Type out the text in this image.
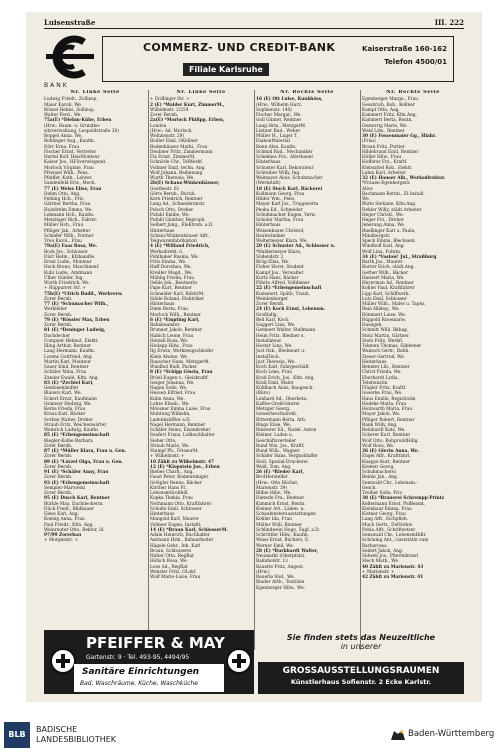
Luisenstraße	III. 222
BANK
COMMERZ- UND CREDIT-BANK
Filiale Karlsruhe
Kaiserstraße 160-162
Telefon 4500/01
Nr. Linke Seite
Ludwig Friedr., Zollinsp.
Maier Karoli, We.
Rössel Helms, Zollinsp.
Walter Ferd., We.
75a(E) *Diehm-Kühe, Erben
(Hrw.: Baum- u. Grundbe-
sitzverwaltung, Leopoldstraße 26)
Boppel Anna, We.
Bohlinger Aug., Kaufm.
Dörr Erna, Frau
Fischer Ernst, Vertreter
Hartel Rolf, HeizMonteur
Kaiser Jos., HFüverwiegend.
Morlock Virginie, Frau
Pfrenzel Wilh., Pens.
Pfeiffer, Kath., Lehrer.
Sandenfeld Erw., Mech.
77 (E) Weiss Elise, Frau
Dehm Otto, Ang.
Fehling Hch., Priv.
Gärtner Bertha, Frau
Holzdrehn Emma, We.
Lehmann Hch., Kaufm.
Metzinger Rich., Fahrer.
Müller Hch., Frau
Pflüger Jak., Arbeiter
Schiefer Wilh., Former
Treu Karol., Frau
79a(E) Faas Rosa, We.
Bock Jos., Schlosser
Dürr Helm., Kfzhandlw.
Ernst Ludw., Monteur
Hock Bruno, Maschinenf.
Kuhl Ludw., Amtmann
Ulber Günter, Ing.
Wurth Friedrich, We.
+ Rüppurrer Str. +
75b(E) *Ulrich Budil., Werkverw.
Zorer Bernh.
77 (E) *Schumacher Wilh.,
Werkleiter
Zorer Bernh.
79 (E) *Rössler Max, Erben
Zorer Bernh.
81 (E) *Deninger Ludwig,
Dachdecker
Compner Helmut, Elektr.
Illing Arthur, Rentner
Lang Hermann, Kaufm.
Lorenz Gottfried, Ang.
Martin Karl, Monteur
Sauer Emil, Rentner
Schäfer Mina, Frau
Zander Ewald, Kfm. Ang.
83 (E) *Zechiel Karl,
Gemüsehändler
Blauers Karl, We.
Eckert Ernst, Kaufmann
Gramser Hedwig, We.
Kerns Frieda, Frau
Kraus Karl, Bäcker
Sorben Walter, Dreher
Straub Fritz, Weichenwärter
Weinrich Ludwig, Kaufm.
85 (E) *Erbengemeinschaft
Biegler-Kolbe Barbara
Zorer Bernh.
87 (E) *Müller Klara, Frau u. Gen.
Zorer Bernh.
89 (E) *Lörzel Olga, Frau u. Gen.
Zorer Bernh.
91 (E) *Schäfer Anny, Frau
Zorer Bernh.
93 (E) *Erbengemeinschaft
Sempler-Marowski
Zorer Bernh.
95 (E) Dusch Karl, Rentner
Bürkle Max, Dachdeckerm.
Dück Fredr., Bildhauer
Gless Karl, Ang.
Koenig Anna, Frau
Paul Friedr., Kfm. Ang.
Weinreuter Otto, Rektor, ill.
97/99 Zorerbau
+ Morgenstr. +
Nr. Linke Seite
+ Erdlinger Str. +
2 (E) *Walder Kurt, ZimmerM.,
Wilhelmstr. 2/254
Zorer Bernh.
2a(E) *Morlock Philipp, Erben,
London
(Hrw.: Ad. Morlock,
Weltzienstr. 29)
Bodler Emil, OKellner
Rodenhäuser Mathi., Frau
Deubner Fritz, Zimmermann
Fix Ernst, ZimmerM.
Schnörle Chr., TelWerkf.
Vollmer Emil, techn. Ang.
Wolf Johann, Bedienung
Wurth Theresia, We.
2b(E) Schanz-Winkenhäuser,
Goethestr. 61
Görts Bernh., Buchh.
Kern Friedrich, Rentner
Lang Ad., Schneidermstr.
Polsch Otto, Dreher
Pufahl Emilie, We.
Pufahl Günther, Reproph.
Seibert Jung., EleKtrom. a.D.
Hinterhaus
Schanz-Winkenhäuser Alfr.,
Teigwarenfabrikation
4 (E) *Wilfand Friedrich,
Werksdirekt. ö.
Pohlhaber Rosina, We.
Fritz Emma, We.
Haff Dorothea, We.
Kreiller Magd., We.
Mühlig Frieda, Frau
Oehle Joh., Rentnerin
Pape Kurt, Rentner
Schneider Karl, RöbhrM.
Städe Roland, Elektriker
Hinterhaus
Diem Berta, Frau
Morlock Wilh., Rentner
6 (E) *Empting Karl,
Bahnbeamter
Brunner Jakob, Rentner
Habich Leone, Frau
Hetzell Rosa, We.
Hodapp Hilw., Frau
Ilg Erwin, Werkzeugschleifer
Klein Alwine, We.
Rauscher Hans, MetzgerM.
Windhol Rudi, Packer
8 (E) *Schipp Gisela, Frau
Brüel Eugen v., Gleiskraftf.
Geiger Johanna, We.
Hagen Sofie, We.
Hessen Elfried, Frau
Kuhn Anna, We.
Lohse Elisab., We.
Möosner Emma Luise, Frau
Muhtung Wilhelm,
LadenkaüfRer a.D.
Nagel Hermann, Rentner
Schäfer Heinz, Eisendreher
Seufert Franz, Lohbuchhalter
Sieber Otto,
Straub Marie, We.
Stumpf Ph., FriseurM.
+ Wilhelmstr. +
10 Zählt zu Wilhelmstr. 47
12 (E) *Klopstein Joe., Erben
Biebes Charlt., Ang.
Faust Peter, Bodenreiniger
Grötgler Benno, Bäcker
Kircher Hans Fr.,
LebensmGroßhdl.
Kopka Thekla, Frau
Nothmann Otto, Kraftfahrer
Schulte Emil, Schlosser
Hinterhaus
Mangold Karl, Maurer
Vollmer Eugen, Installt.
14 (E) *Braun Karl, SchlosserM.
Adam Heinrich, Buchhalter
Astmann Hrm., Bahnarbeiter
Hägele Gehr., Inh. Karl
Braun, Schlosserei
Halter Otto, RegRat
Höfsch Rosa, We.
Loos Ad., RegRat
Wenzler Fritz, OLokf.
Wolf Marie-Luise, Frau
Nr. Rechte Seite
16 (E) Ott Luise, Kunkhöss,
(Hrw.: Wilhelm Harz,
Sophienstr. 140)
Fischer Margar., We.
Goll Günter, Rentner
Lang Hrm., MetzgerM.
Lintner Rud., Weber
Müller H., Luger T.
DiakonMaterial
Renn Alex, Kaufm.
Schmid Rud., Mechaniker
Schelmes Fra., Alterbauer
Hinterhaus
Schuster Karl, Dekorateur
Schreiber Willy, Ing.
Weimayer Alois, Schuhmacher
(Werkstatt)
18 (E) Stock Karl, Bäckerei
Kollmann Georg, Frau
Hilder Wm., Pens.
Mayer Karl Jos., Truppwerte
Peuka Ed., Schneider
Schuhmacher Eugen, Verw.
Schuler Martha, Frau
Hinterhaus
Weisenbauer Christof,
Bautechniker
Weltermeyer Klara, We.
20 (E) Schuster Ad., Schlosser u.
*Haldermeyer Klara,
Südendstr. 2
Brüg Elisa, We.
Fisher Horst, Student
Kampf Jos., Verwalter
Kurtz Hans, Bäcker
Pöhrle Alfred, Volldiener
22 (E) *Erbengemeinschaft
Kumsnert, Späth, Traub,
Weinlenberger
Zorer Bernh.
24 (E) Koch Ernst, Lebensm.
Großhdlg.
Beil Karl, Koch
Gaggert Lina, We.
Gemnert Walter, Stellmann
Heim Fritz, Bledner u.
Installateur
Hoster Lina, We.
Just Osk., Bledneurt u.
InstalTech.
Just Theresia, We.
Koch Karl, Fahrgeschäft
Koch Lene, Frau
Kraß Erich, Jos., Kfm. Ang.
Kraß Emil, Maler
Kühlbach Alois, Baugesch.
(Büro)
Lenhard Ad., Oberbeta.,
Kaffee-Großrösterei
Metzger Georg,
Gewerbeschulrekt.
Rittermann Berta, Arb.
Rings Elise, We.
Riesterer Ed., Nadel. Anton
Kleiner, Laden u.
Geschäftsverteiler
Rund Wm. Jos., Kraftf.
Rund Wilh., Wagner
Schäfer Hans, Vergnoldaffer
Stoll, Spezial-Druckerei
Weiß, Tom. Ang.
26 (E) *Rieder Karl,
BrotHersteller
(Hrw.: Otto Büchel,
Marienstr. 39)
Bilbie Hilw., We.
Dieterle Fra., Rentner
Kimmich Ernst, Rentn.
Kleiner Art., Laden- u.
Schaufensterausstattungen
Kohler Ida, Frau
Müller Willi, Rentner
Schlindwein Hugo, Zugf. a.D.
Schröttler Hilw., Kaufm.
Weiss Ernst, Büchers, E.
Werner Emil, We.
28 (E) *Burkhardt Walter,
Neumarkt (Oberpfalz),
Bahnhofstr. 13
Bauerle Fritz, Angest.
(Hrw.)
Bauerle Stef., We.
Binder Arth., Textilien
Egenberger Hilw., We.
Nr. Rechte Seite
Egenberger Marga., Frau
Gessbrich, Rob., Kellner
Kampf Otto, Ang.
Kammert Fritz, Kfm.Ang.
Kammert Berta, Rentn.
Oesterrig Marie, We.
Weid Ldw., Rentner
30 (E) Fossenmaier Gg., Hlahr.
(Frau)
Braun Fritz, Portier
Hildebrand Emil, Rentner
Höller Hilw., Frau
Hofferer Frz., Kraftf.
Klebsattel Rob., Elektr.
Lahm Karl, Arbeiter
32 (E) Hauser Alb., Werksdirektor.
*Frauen-Egenbergera
Alice
Bachmann Bernh., El.Install.
We.
Bürle Stefanie, Kfm.Ang.
Dehler Willy, städt.Arbeiter
Heger Christl., We.
Heger Frz., Dreher
Jenerung Anna, We.
Riedlinger Karl u. Paula,
Mindbergstr.
Speck Emma, Blechsenl.
Windhoff Karl, Ang.
Wolf Lina, Fuhrm.
34 (E) *Vaslow! Jul., Straßburg
Barth Jos., Maurer
Burrer Erich, städt.Ang.
Gerber Wilh., Bäcker
Hansert Maria, We.
Heyerman Ad., Rentner
Kohler Paul, Kraftfahrer
Lipp Karl, Schiffwerk.
Lutz Emil, Schlosser
Müller Wilh., Maler u. Tapez.
Rein Hildeg., We.
Römmert Luise, We.
Rüppold Rosemarie,
Hausgeh.
Schmitt Willi, Bkbag.
Stolz Martin, Gärtner
Stotz Fritz, Werkfl.
Tokmen Thomas, Säbbener
Wamsch Gertr., Buhh.
Zieser Gertrud, We.
Hinterhaus
Bennter Lib., Rentner
Christ Frieda, We.
Eberhardt Lydia,
Telefonistin
Flügler Fritz, Kraftf.
Goserke Frau, We.
Haus Emilie, Registratin
Hodeke Maria, Frau
Holzwarth Maria, Frau
Mayer Jakob, We.
Pflüger Robert, Rentner
Rank Willy, Ang.
Reinhardt Katz, We.
Scherer Karl, Rentner
Wolf Otto, RohproddHdlg.
Wolf Rosa, We.
36 (E) Glevin Anna, We.
Engel Alfr., Kraftfahrt.
Knappe Kurt, Rentner
Kremer Georg,
Schuhmacherei
Reinle Jak., Ang.
Semwald Chr., Lebensm.-
Gesch.
Treiber Sofie, Priv.
38 (E) *Brauerei Schrempp-Printz
Kellermann Ernst, PolBeamt.
Kleinbaur Emma, Frau
Kistner Georg, Frau
Lang Alfr., Eichpfleh.
Much Gertr., DolVerkw.
Pohla Alfr., Schriftsetzer
Senswald Chr., LebensmHdlr.
Schöning Ant., Gaststätte zum
Barbarossa
Seifert Jakob, Ang.
Sidwell Jos., Pflerleibrawl
Stech Math., We.
40 Zählt zu Marienstr. 43
+ Marienstr. +
42 Zählt zu Marienstr. 41
PFEIFFER & MAY
Gartenstr. 9 · Tel. 493-95, 4494/95
Sanitäre Einrichtungen
Bad, Waschräume, Küche, Waschküche
Sie finden stets das Neuzeitliche
in unserer
GROSSAUSSTELLUNGSRAUMEN
Künstlerhaus Sofienstr. 2 Ecke Karlstr.
BLB
BADISCHE
LANDESBIBLIOTHEK
Baden-Württemberg
